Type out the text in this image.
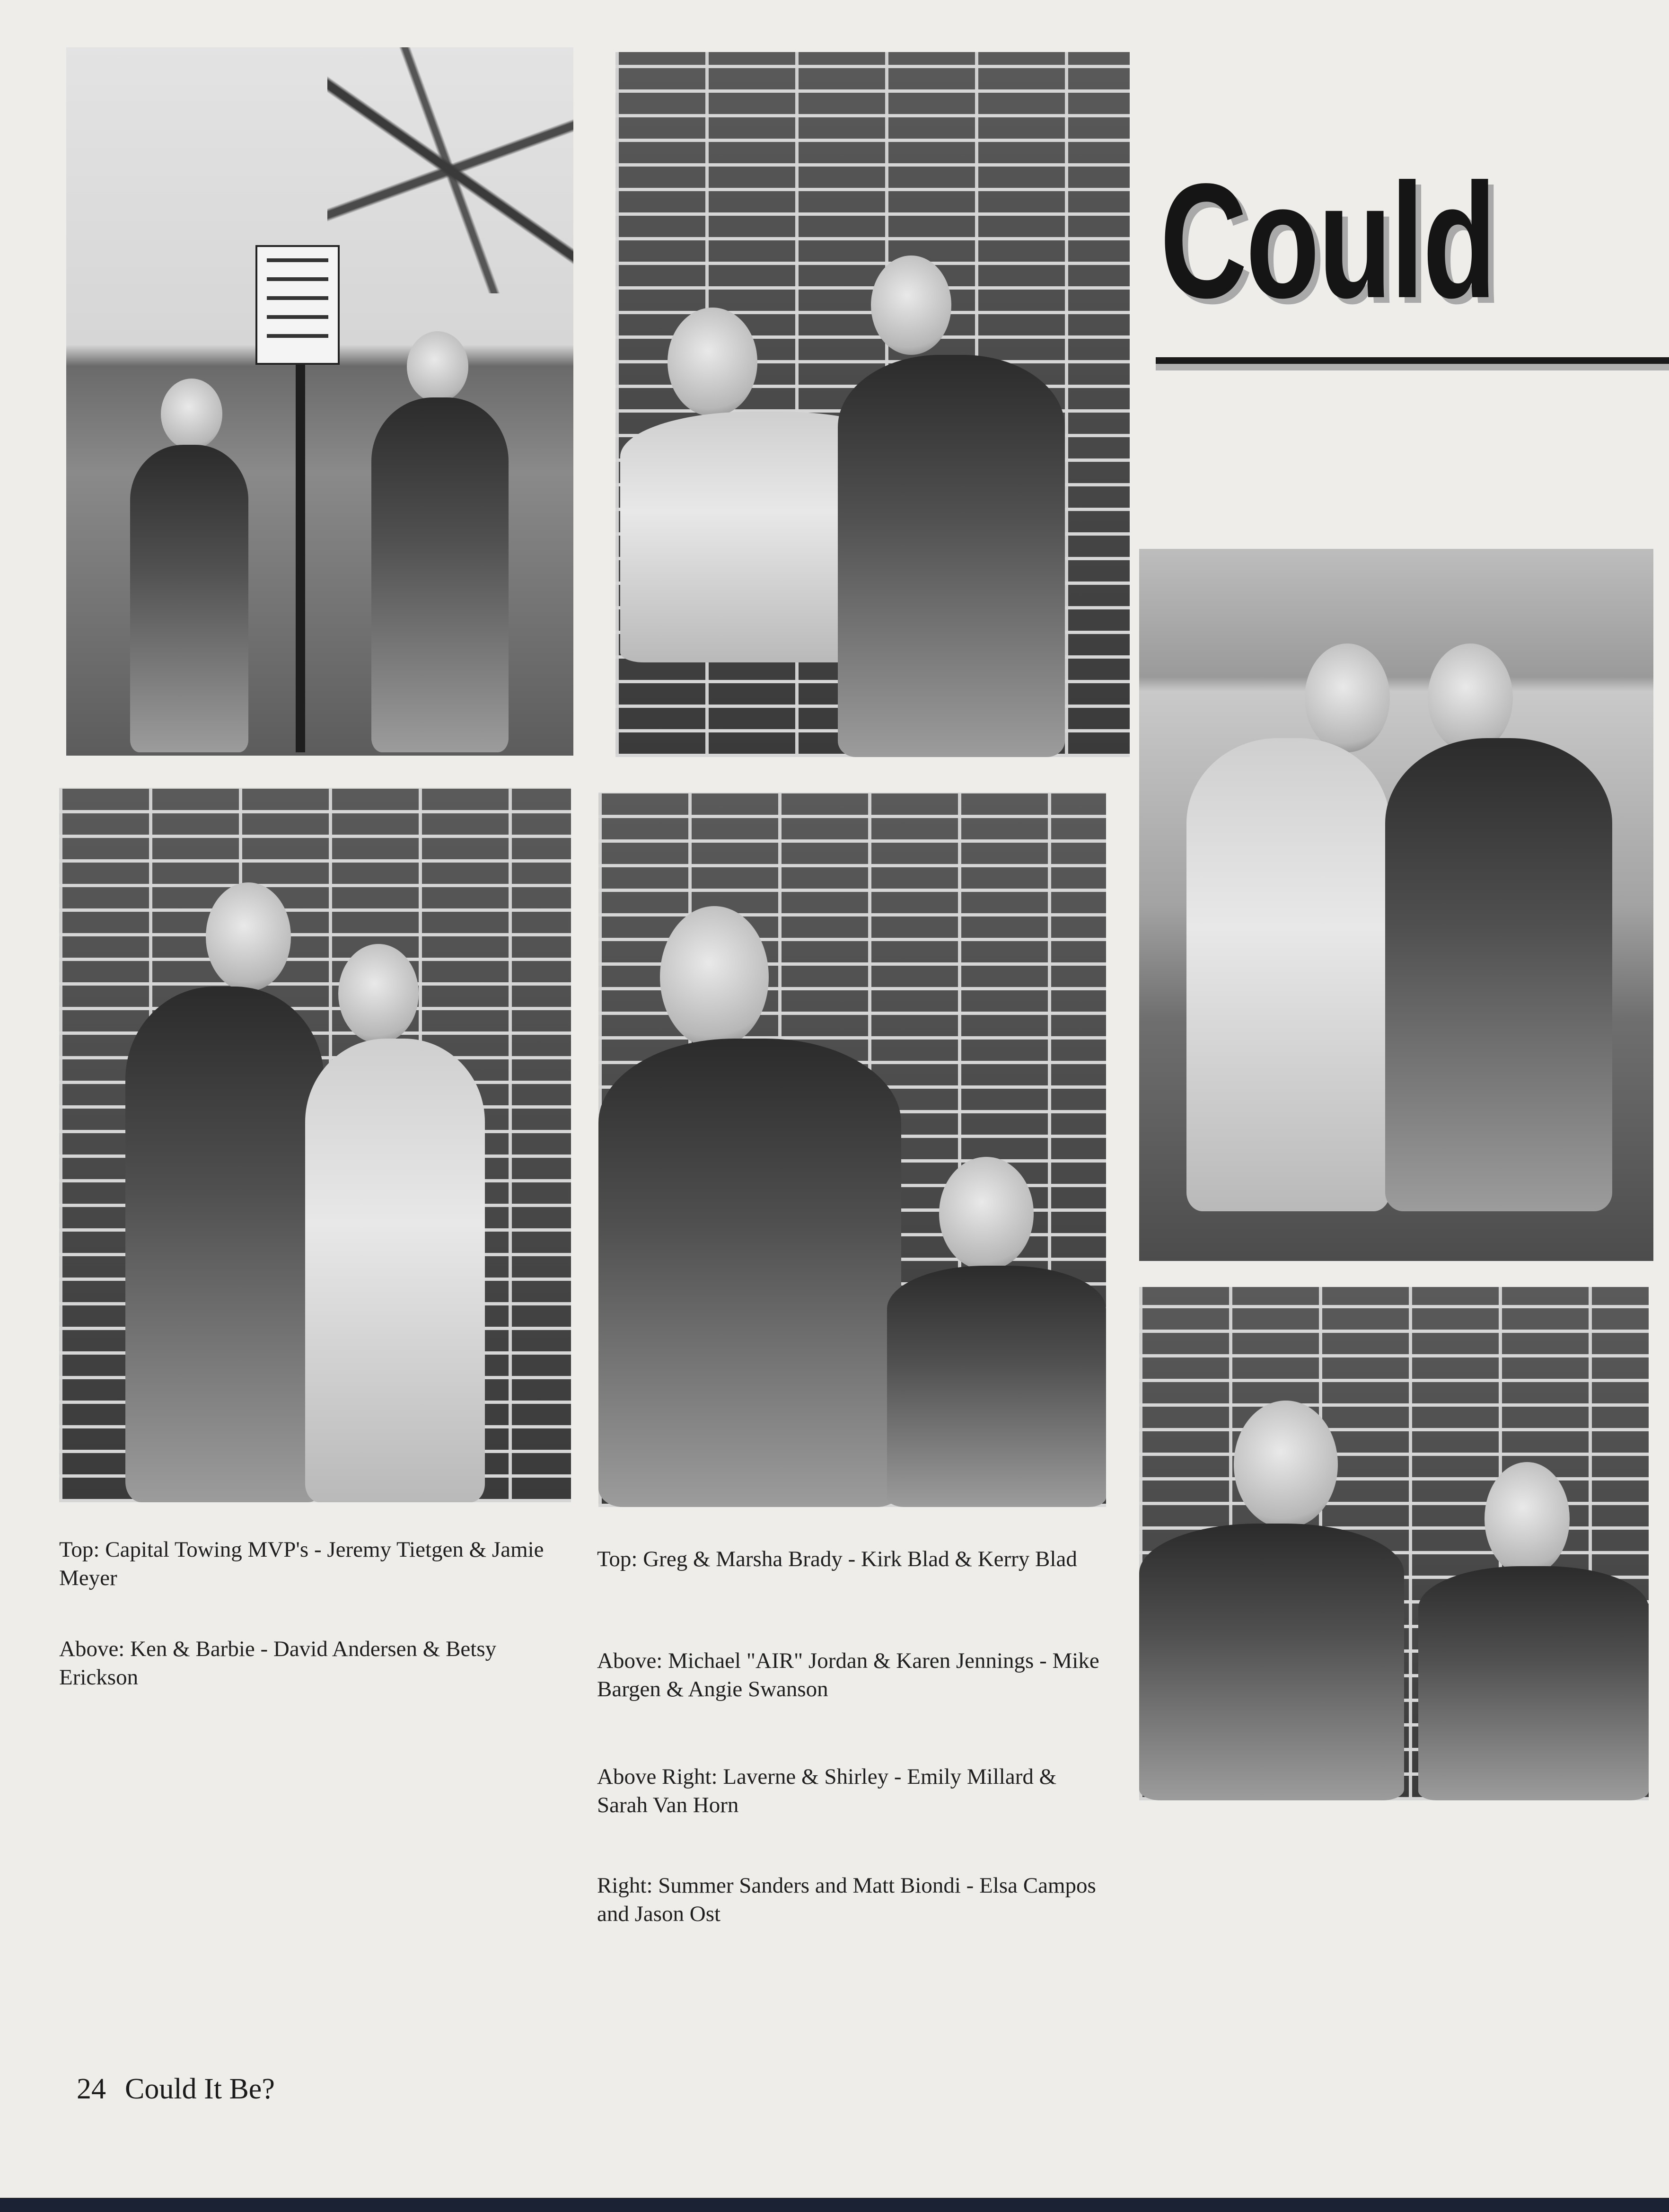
Could
Top: Capital Towing MVP's - Jeremy Tietgen & Jamie Meyer
Above: Ken & Barbie - David Andersen & Betsy Erickson
Top: Greg & Marsha Brady - Kirk Blad & Kerry Blad
Above: Michael "AIR" Jordan & Karen Jennings - Mike Bargen & Angie Swanson
Above Right: Laverne & Shirley - Emily Millard & Sarah Van Horn
Right: Summer Sanders and Matt Biondi - Elsa Campos and Jason Ost
24 Could It Be?
